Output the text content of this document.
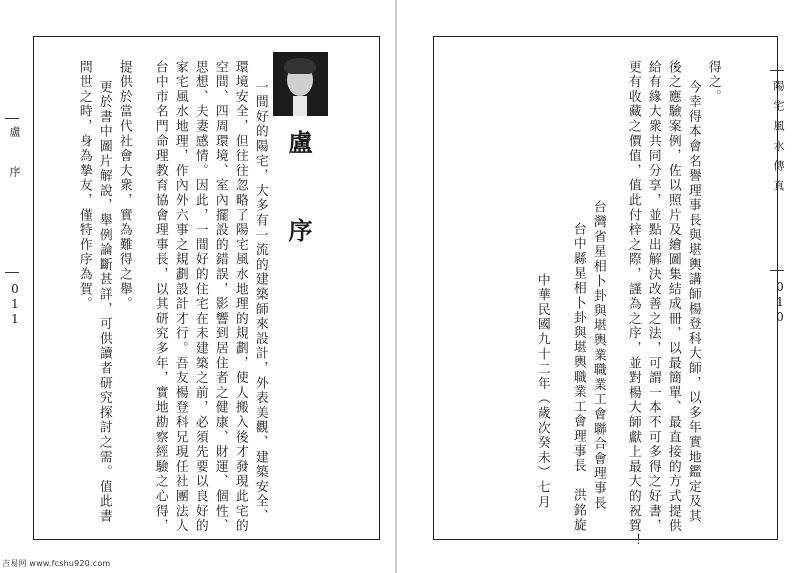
盧　序
011
盧　序
一間好的陽宅，大多有一流的建築師來設計，外表美觀、建築安全、
環境安全，但往往忽略了陽宅風水地理的規劃，使人搬入後才發現此宅的
空間、四周環境、室內擺設的錯誤，影響到居住者之健康、財運、個性、
思想、夫妻感情。因此，一間好的住宅在未建築之前，必須先要以良好的
家宅風水地理，作內外六事之規劃設計才行。吾友楊登科兄現任社團法人
台中市名門命理教育協會理事長，以其研究多年，實地勘察經驗之心得，
提供於當代社會大衆，實為難得之舉。
更於書中圖片解說，舉例論斷甚詳，可供讀者研究探討之需。值此書
問世之時，身為摯友，僅特作序為賀。	得之。
今幸得本會名譽理事長與堪輿講師楊登科大師，以多年實地鑑定及其
後之應驗案例，佐以照片及繪圖集結成冊，以最簡單、最直接的方式提供
給有緣大衆共同分享，並點出解決改善之法，可謂一本不可多得之好書，
更有收藏之價值，值此付梓之際，謹為之序，並對楊大師獻上最大的祝賀！
台灣省星相卜卦與堪輿業職業工會聯合會理事長
台中縣星相卜卦與堪輿職業工會理事長　洪銘旋
中華民國九十二年（歲次癸未）七月
陽宅風水傳真
010
吉易网 www.fcshu920.com
